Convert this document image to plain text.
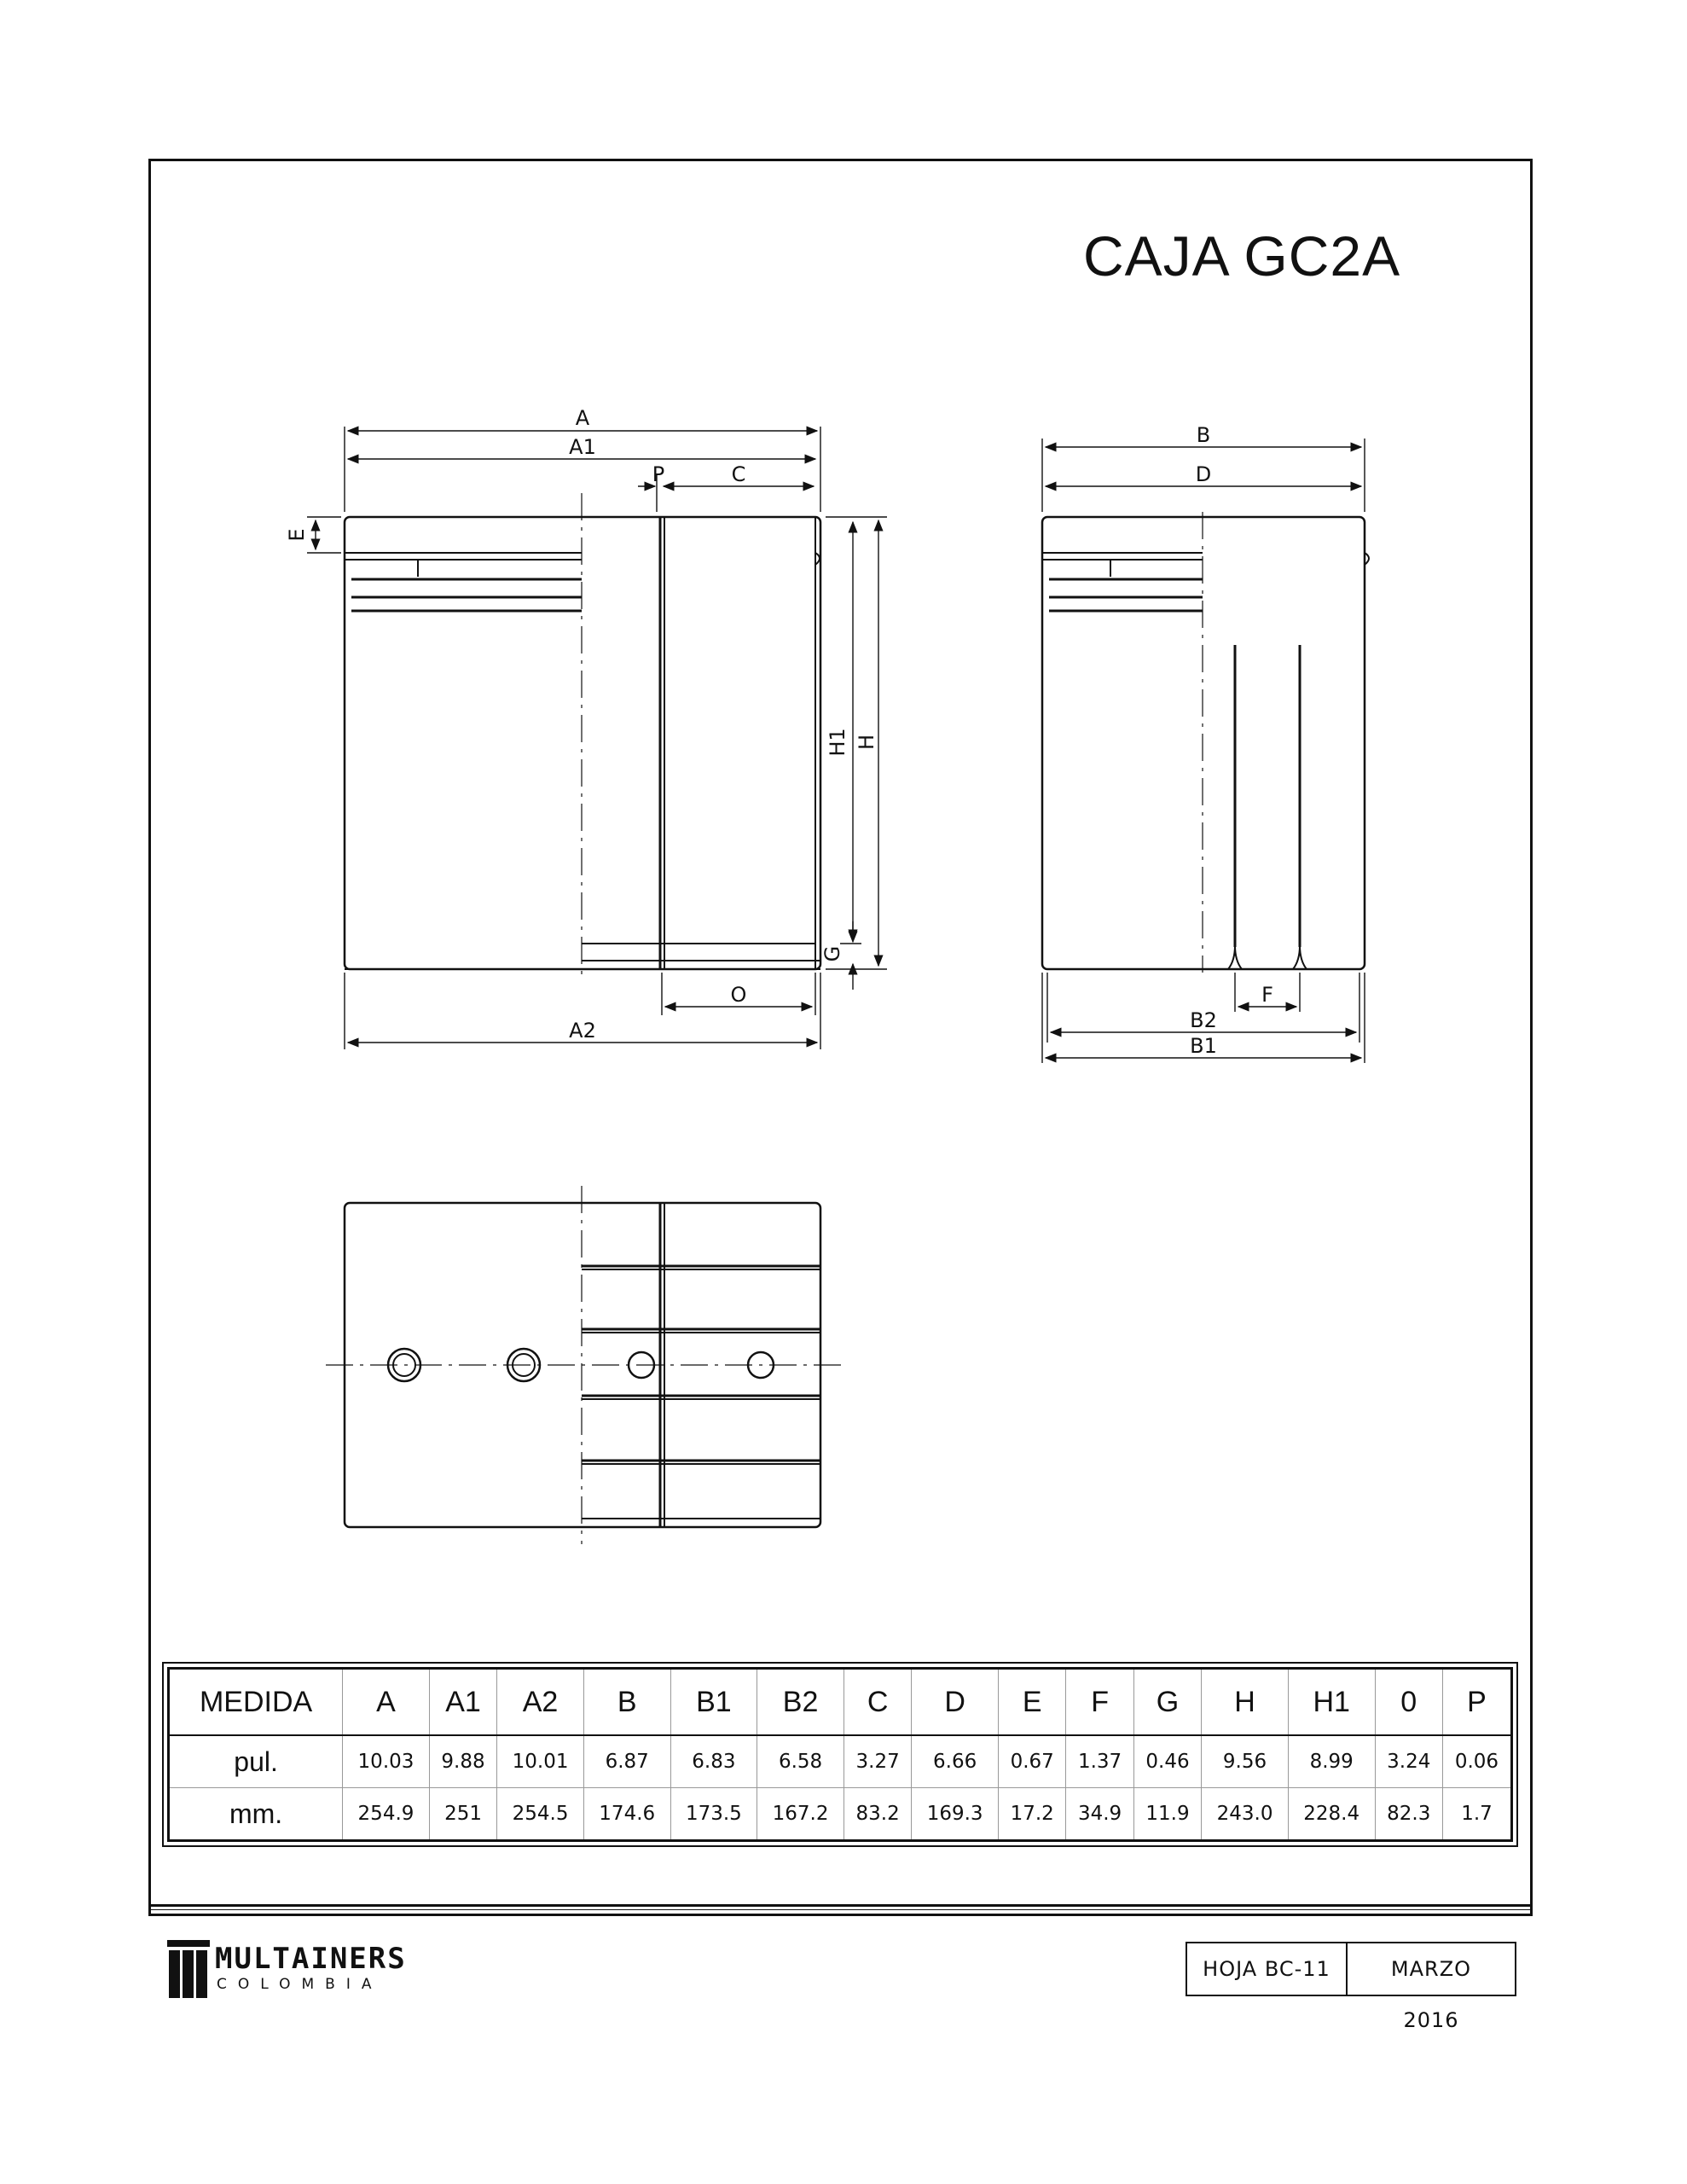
CAJA GC2A
A
A1
P	C
E
H1 H
G
O
A2
B
D
F
B2
B1
MEDIDA	A	A1	A2	B	B1	B2	C	D	E	F	G	H	H1	0	P
pul.	10.03	9.88	10.01	6.87	6.83	6.58	3.27	6.66	0.67	1.37	0.46	9.56	8.99	3.24	0.06
mm.	254.9	251	254.5	174.6	173.5	167.2	83.2	169.3	17.2	34.9	11.9	243.0	228.4	82.3	1.7
MULTAINERS
COLOMBIA
HOJA BC-11	MARZO 2016
